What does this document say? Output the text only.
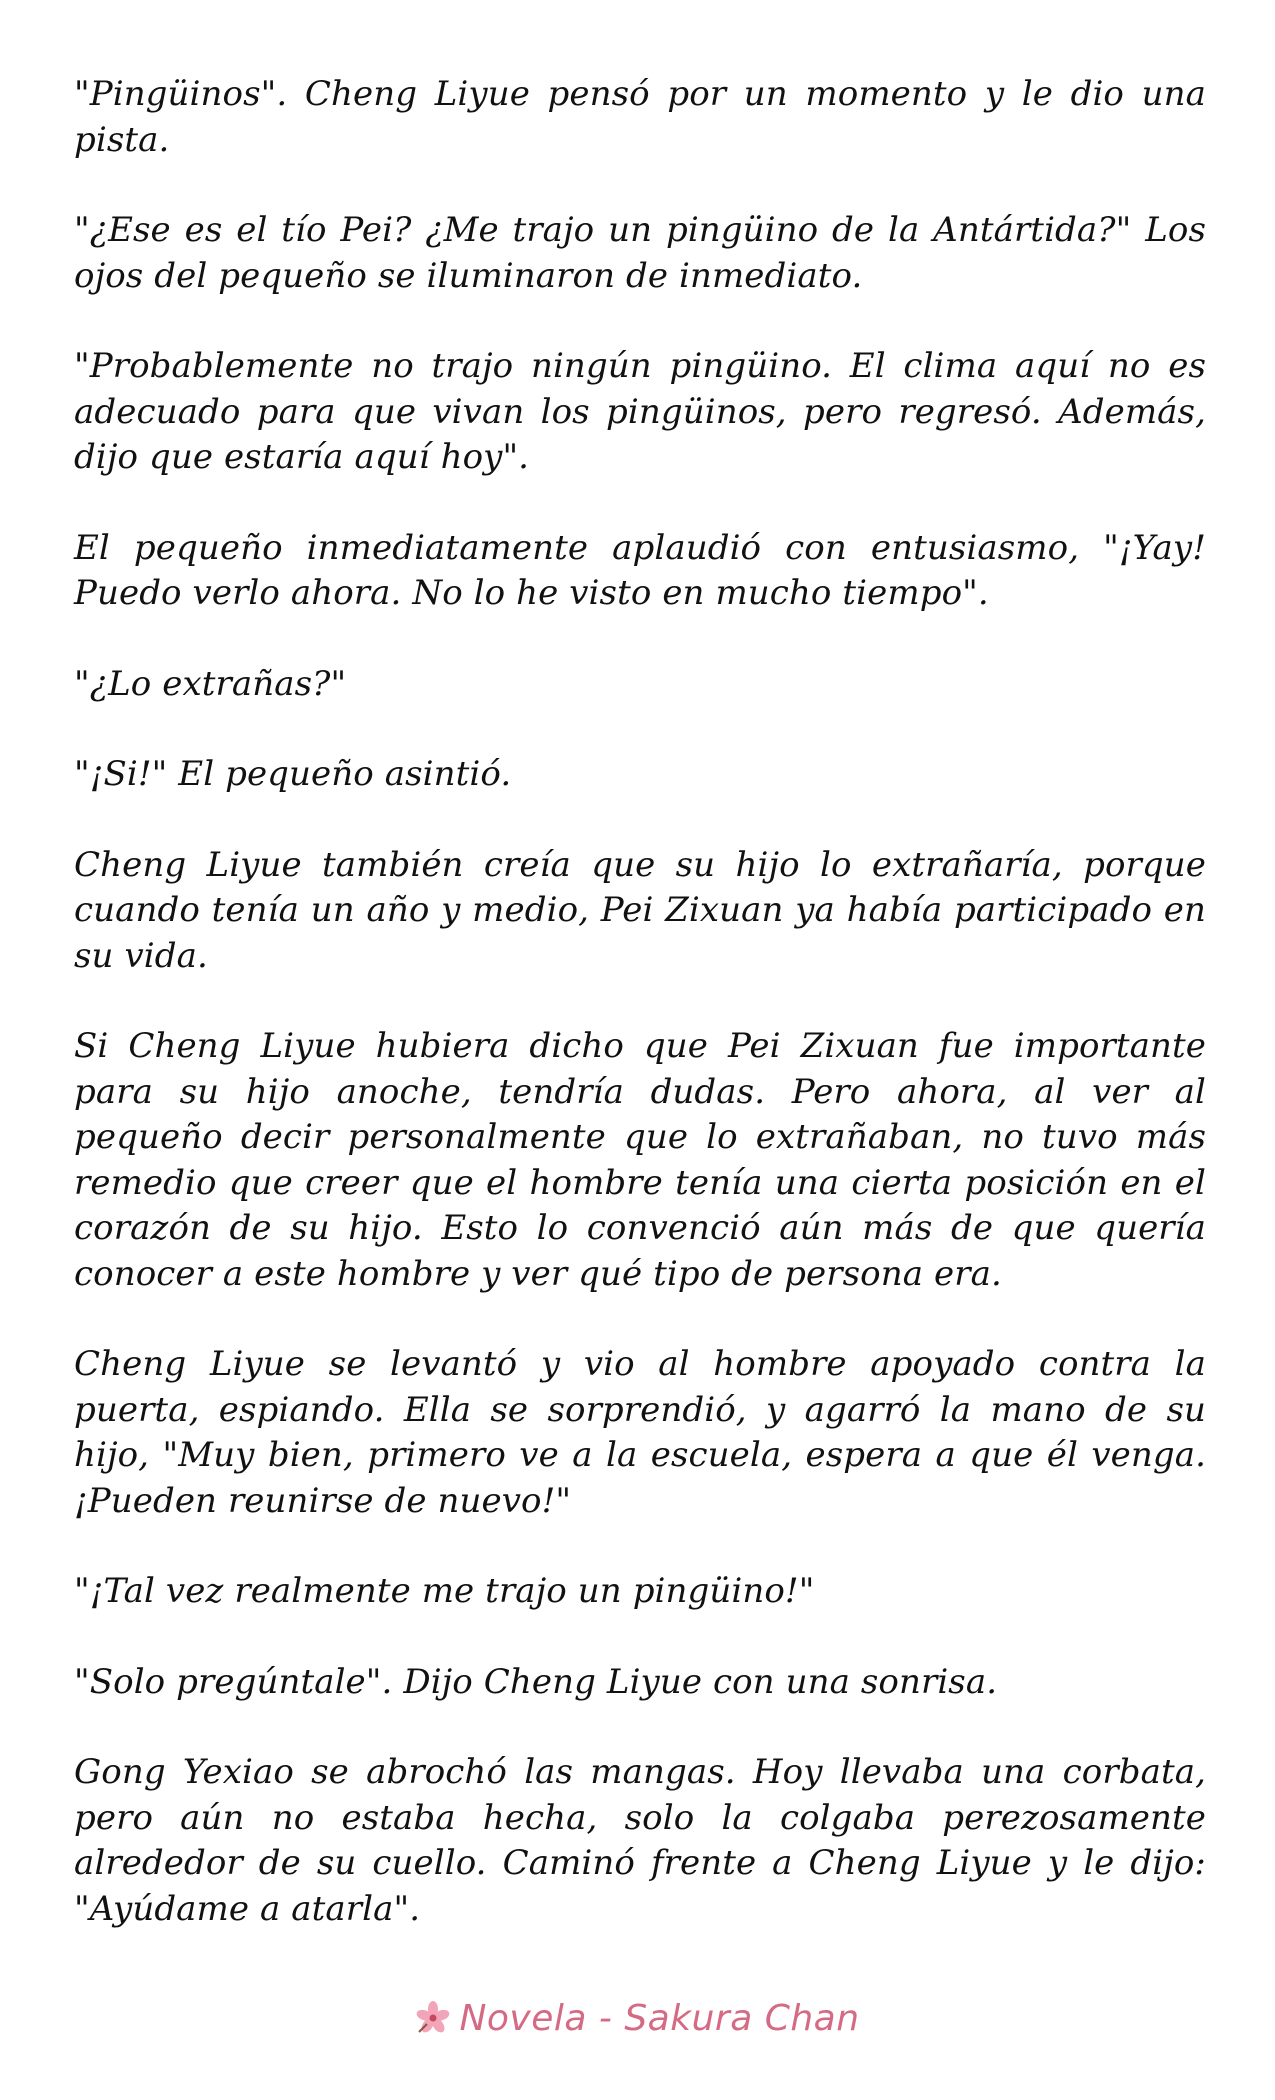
"Pingüinos". Cheng Liyue pensó por un momento y le dio una pista.

"¿Ese es el tío Pei? ¿Me trajo un pingüino de la Antártida?" Los ojos del pequeño se iluminaron de inmediato.

"Probablemente no trajo ningún pingüino. El clima aquí no es adecuado para que vivan los pingüinos, pero regresó. Además, dijo que estaría aquí hoy".

El pequeño inmediatamente aplaudió con entusiasmo, "¡Yay! Puedo verlo ahora. No lo he visto en mucho tiempo".

"¿Lo extrañas?"

"¡Si!" El pequeño asintió.

Cheng Liyue también creía que su hijo lo extrañaría, porque cuando tenía un año y medio, Pei Zixuan ya había participado en su vida.

Si Cheng Liyue hubiera dicho que Pei Zixuan fue importante para su hijo anoche, tendría dudas. Pero ahora, al ver al pequeño decir personalmente que lo extrañaban, no tuvo más remedio que creer que el hombre tenía una cierta posición en el corazón de su hijo. Esto lo convenció aún más de que quería conocer a este hombre y ver qué tipo de persona era.

Cheng Liyue se levantó y vio al hombre apoyado contra la puerta, espiando. Ella se sorprendió, y agarró la mano de su hijo, "Muy bien, primero ve a la escuela, espera a que él venga. ¡Pueden reunirse de nuevo!"

"¡Tal vez realmente me trajo un pingüino!"

"Solo pregúntale". Dijo Cheng Liyue con una sonrisa.

Gong Yexiao se abrochó las mangas. Hoy llevaba una corbata, pero aún no estaba hecha, solo la colgaba perezosamente alrededor de su cuello. Caminó frente a Cheng Liyue y le dijo: "Ayúdame a atarla".

Novela - Sakura Chan
